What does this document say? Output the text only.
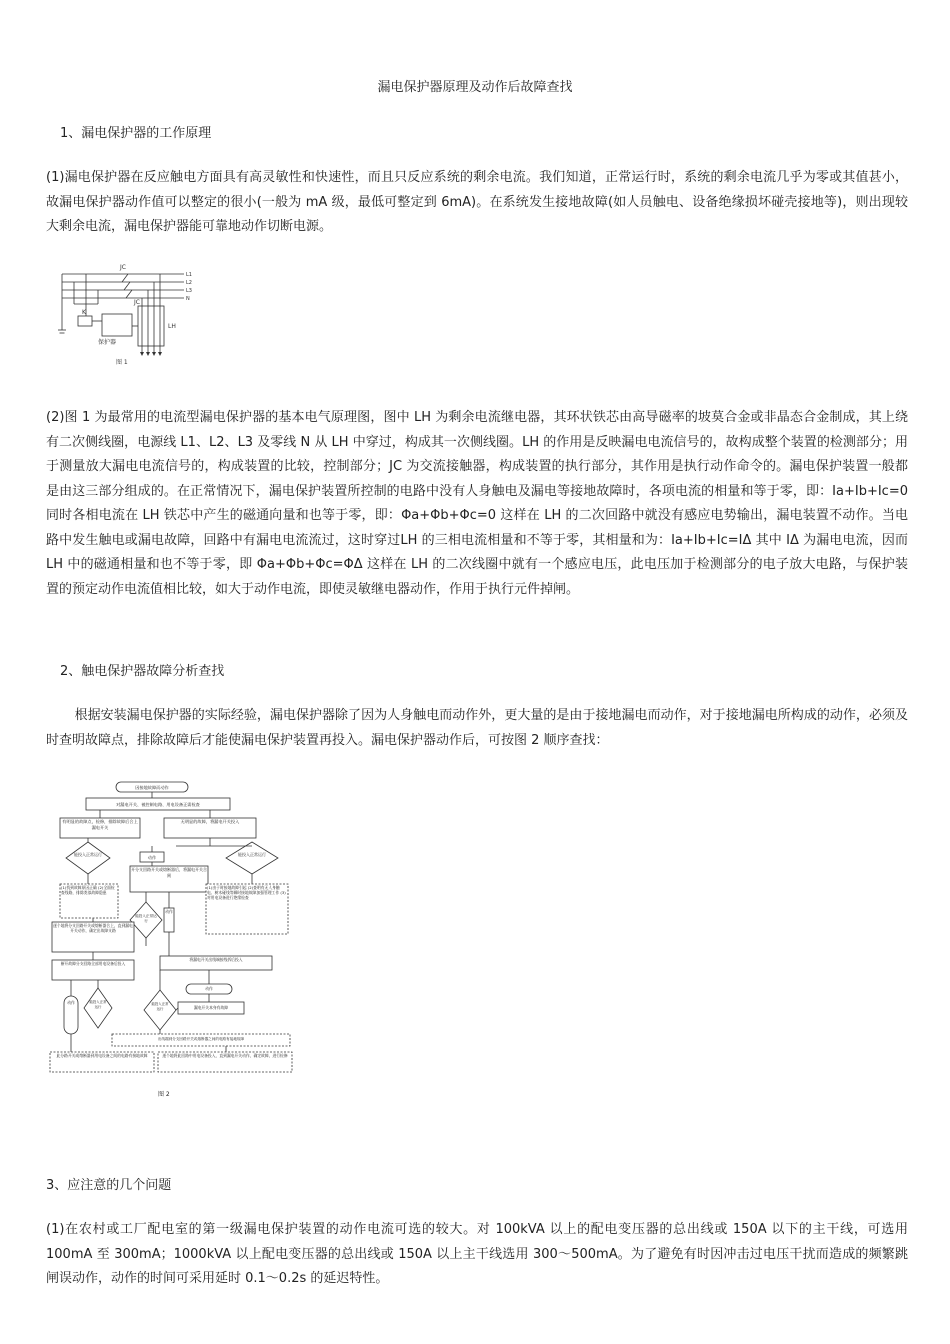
漏电保护器原理及动作后故障查找
1、漏电保护器的工作原理

(1)漏电保护器在反应触电方面具有高灵敏性和快速性，而且只反应系统的剩余电流。我们知道，正常运行时，系统的剩余电流几乎为零或其值甚小，故漏电保护器动作值可以整定的很小(一般为 mA 级，最低可整定到 6mA)。在系统发生接地故障(如人员触电、设备绝缘损坏碰壳接地等)，则出现较大剩余电流，漏电保护器能可靠地动作切断电源。

JC
JC
K
LH
L1
L2
L3
N
保护器
图 1

(2)图 1 为最常用的电流型漏电保护器的基本电气原理图，图中 LH 为剩余电流继电器，其环状铁芯由高导磁率的坡莫合金或非晶态合金制成，其上绕有二次侧线圈，电源线 L1、L2、L3 及零线 N 从 LH 中穿过，构成其一次侧线圈。LH 的作用是反映漏电电流信号的，故构成整个装置的检测部分；用于测量放大漏电电流信号的，构成装置的比较，控制部分；JC 为交流接触器，构成装置的执行部分，其作用是执行动作命令的。漏电保护装置一般都是由这三部分组成的。在正常情况下，漏电保护装置所控制的电路中没有人身触电及漏电等接地故障时，各项电流的相量和等于零，即：Ia+Ib+Ic=0 同时各相电流在 LH 铁芯中产生的磁通向量和也等于零，即：Φa+Φb+Φc=0 这样在 LH 的二次回路中就没有感应电势输出，漏电装置不动作。当电路中发生触电或漏电故障，回路中有漏电电流流过，这时穿过LH 的三相电流相量和不等于零，其相量和为：Ia+Ib+Ic=IΔ 其中 IΔ 为漏电电流，因而 LH 中的磁通相量和也不等于零，即 Φa+Φb+Φc=ΦΔ 这样在 LH 的二次线圈中就有一个感应电压，此电压加于检测部分的电子放大电路，与保护装置的预定动作电流值相比较，如大于动作电流，即使灵敏继电器动作，作用于执行元件掉闸。

2、触电保护器故障分析查找

根据安装漏电保护器的实际经验，漏电保护器除了因为人身触电而动作外，更大量的是由于接地漏电而动作，对于接地漏电所构成的动作，必须及时查明故障点，排除故障后才能使漏电保护装置再投入。漏电保护器动作后，可按图 2 顺序查找：

因接地故障而动作
对漏电开关、被控制电路、用电设备正需检查
有明显的故障点，检修，排除故障后合上漏电开关
无明显的故障，将漏电开关投入
能投入正常运行
动作
能投入正常运行
(1)找到故障原因正确 (2)全面检查线路，排除类似故障隐患
开分支回路开关或熔断器后，将漏电开关合闸
(1)由于时接地故障引起 (2)查明有无人身触电、树木碰线等瞬时接地故障加强管理工作 (3)对用电设备进行绝缘检查
能投入正常运行
动作
逐个地将分支回路开关或熔断器合上，直到漏电开关动作，确定出故障支路
断开故障分支回路全部用电设备后投入
将漏电开关出线端接线拆后投入
动作	能投入正常运行
动作
能投入正常运行	漏电开关本身有故障
出线端到分支回路开关或熔断器之间的电路有接地故障
此分路开关或熔断器到用电设备之间的电路有接地故障	逐个地将此回路中用电设备投入，直到漏电开关动作，确定故障，进行检修
图 2
3、应注意的几个问题

(1)在农村或工厂配电室的第一级漏电保护装置的动作电流可选的较大。对 100kVA 以上的配电变压器的总出线或 150A 以下的主干线，可选用 100mA 至 300mA；1000kVA 以上配电变压器的总出线或 150A 以上主干线选用 300～500mA。为了避免有时因冲击过电压干扰而造成的频繁跳闸误动作，动作的时间可采用延时 0.1～0.2s 的延迟特性。
